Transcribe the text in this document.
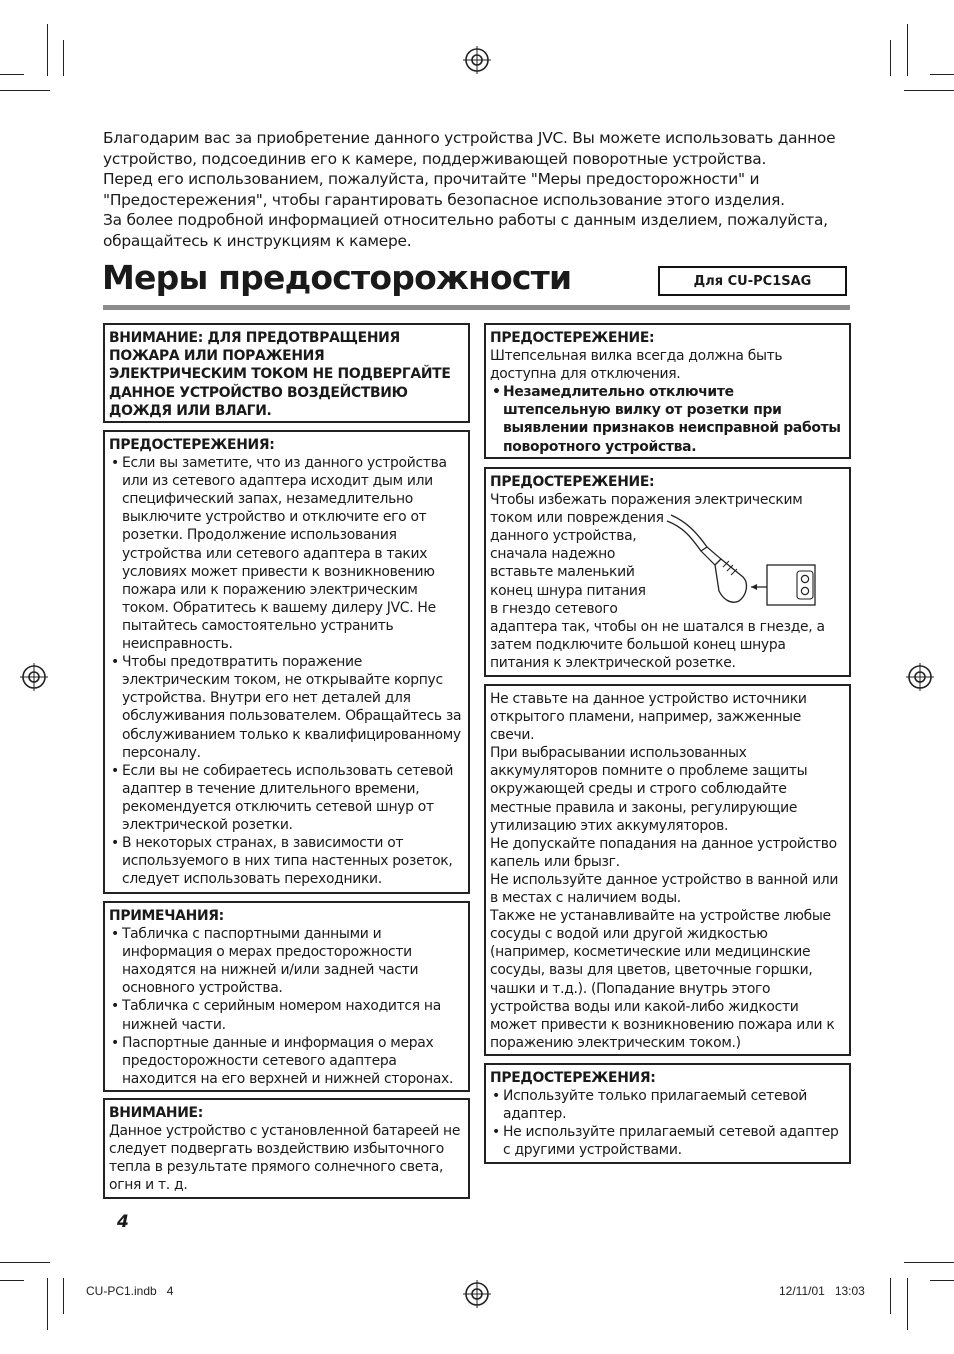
Благодарим вас за приобретение данного устройства JVC. Вы можете использовать данное устройство, подсоединив его к камере, поддерживающей поворотные устройства.

Перед его использованием, пожалуйста, прочитайте "Меры предосторожности" и "Предостережения", чтобы гарантировать безопасное использование этого изделия.

За более подробной информацией относительно работы с данным изделием, пожалуйста, обращайтесь к инструкциям к камере.

Меры предосторожности	Для CU-PC1SAG

ВНИМАНИЕ: ДЛЯ ПРЕДОТВРАЩЕНИЯ ПОЖАРА ИЛИ ПОРАЖЕНИЯ ЭЛЕКТРИЧЕСКИМ ТОКОМ НЕ ПОДВЕРГАЙТЕ ДАННОЕ УСТРОЙСТВО ВОЗДЕЙСТВИЮ ДОЖДЯ ИЛИ ВЛАГИ.

ПРЕДОСТЕРЕЖЕНИЯ:

• Если вы заметите, что из данного устройства или из сетевого адаптера исходит дым или специфический запах, незамедлительно выключите устройство и отключите его от розетки. Продолжение использования устройства или сетевого адаптера в таких условиях может привести к возникновению пожара или к поражению электрическим током. Обратитесь к вашему дилеру JVC. Не пытайтесь самостоятельно устранить неисправность.
• Чтобы предотвратить поражение электрическим током, не открывайте корпус устройства. Внутри его нет деталей для обслуживания пользователем. Обращайтесь за обслуживанием только к квалифицированному персоналу.
• Если вы не собираетесь использовать сетевой адаптер в течение длительного времени, рекомендуется отключить сетевой шнур от электрической розетки.
• В некоторых странах, в зависимости от используемого в них типа настенных розеток, следует использовать переходники.

ПРИМЕЧАНИЯ:

• Табличка с паспортными данными и информация о мерах предосторожности находятся на нижней и/или задней части основного устройства.
• Табличка с серийным номером находится на нижней части.
• Паспортные данные и информация о мерах предосторожности сетевого адаптера находится на его верхней и нижней сторонах.

ВНИМАНИЕ:

Данное устройство с установленной батареей не следует подвергать воздействию избыточного тепла в результате прямого солнечного света, огня и т. д.

ПРЕДОСТЕРЕЖЕНИЕ:

Штепсельная вилка всегда должна быть доступна для отключения.

• Незамедлительно отключите штепсельную вилку от розетки при выявлении признаков неисправной работы поворотного устройства.

ПРЕДОСТЕРЕЖЕНИЕ:

Чтобы избежать поражения электрическим

током или повреждения

данного устройства,

сначала надежно

вставьте маленький

конец шнура питания

в гнездо сетевого

адаптера так, чтобы он не шатался в гнезде, а затем подключите большой конец шнура питания к электрической розетке.

Не ставьте на данное устройство источники открытого пламени, например, зажженные свечи.

При выбрасывании использованных аккумуляторов помните о проблеме защиты окружающей среды и строго соблюдайте местные правила и законы, регулирующие утилизацию этих аккумуляторов.

Не допускайте попадания на данное устройство капель или брызг.

Не используйте данное устройство в ванной или в местах с наличием воды.

Также не устанавливайте на устройстве любые сосуды с водой или другой жидкостью (например, косметические или медицинские сосуды, вазы для цветов, цветочные горшки, чашки и т.д.). (Попадание внутрь этого устройства воды или какой-либо жидкости может привести к возникновению пожара или к поражению электрическим током.)

ПРЕДОСТЕРЕЖЕНИЯ:

• Используйте только прилагаемый сетевой адаптер.
• Не используйте прилагаемый сетевой адаптер с другими устройствами.
4
CU-PC1.indb   4	12/11/01   13:03
